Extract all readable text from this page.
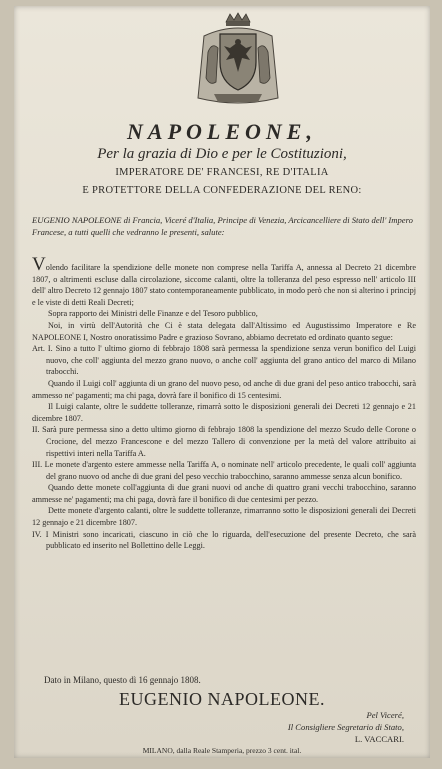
NAPOLEONE,
Per la grazia di Dio e per le Costituzioni,
IMPERATORE DE' FRANCESI, RE D'ITALIA
E PROTETTORE DELLA CONFEDERAZIONE DEL RENO:
EUGENIO NAPOLEONE di Francia, Viceré d'Italia, Principe di Venezia, Arcicancelliere di Stato dell' Impero Francese, a tutti quelli che vedranno le presenti, salute:

Volendo facilitare la spendizione delle monete non comprese nella Tariffa A, annessa al Decreto 21 dicembre 1807, o altrimenti escluse dalla circolazione, siccome calanti, oltre la tolleranza del peso espresso nell' articolo III dell' altro Decreto 12 gennajo 1807 stato contemporaneamente pubblicato, in modo però che non si alterino i principj e le viste di detti Reali Decreti;

Sopra rapporto dei Ministri delle Finanze e del Tesoro pubblico,

Noi, in virtù dell'Autorità che Ci è stata delegata dall'Altissimo ed Augustissimo Imperatore e Re NAPOLEONE I, Nostro onoratissimo Padre e grazioso Sovrano, abbiamo decretato ed ordinato quanto segue:

Art. I. Sino a tutto l' ultimo giorno di febbrajo 1808 sarà permessa la spendizione senza verun bonifico del Luigi nuovo, che coll' aggiunta del mezzo grano nuovo, o anche coll' aggiunta del grano antico del marco di Milano trabocchi.

Quando il Luigi coll' aggiunta di un grano del nuovo peso, od anche di due grani del peso antico trabocchi, sarà ammesso ne' pagamenti; ma chi paga, dovrà fare il bonifico di 15 centesimi.

Il Luigi calante, oltre le suddette tolleranze, rimarrà sotto le disposizioni generali dei Decreti 12 gennajo e 21 dicembre 1807.

II. Sarà pure permessa sino a detto ultimo giorno di febbrajo 1808 la spendizione del mezzo Scudo delle Corone o Crocione, del mezzo Francescone e del mezzo Tallero di convenzione per la metà del valore attribuito ai rispettivi interi nella Tariffa A.

III. Le monete d'argento estere ammesse nella Tariffa A, o nominate nell' articolo precedente, le quali coll' aggiunta del grano nuovo od anche di due grani del peso vecchio trabocchino, saranno ammesse senza alcun bonifico.

Quando dette monete coll'aggiunta di due grani nuovi od anche di quattro grani vecchi trabocchino, saranno ammesse ne' pagamenti; ma chi paga, dovrà fare il bonifico di due centesimi per pezzo.

Dette monete d'argento calanti, oltre le suddette tolleranze, rimarranno sotto le disposizioni generali dei Decreti 12 gennajo e 21 dicembre 1807.

IV. I Ministri sono incaricati, ciascuno in ciò che lo riguarda, dell'esecuzione del presente Decreto, che sarà pubblicato ed inserito nel Bollettino delle Leggi.

Dato in Milano, questo dì 16 gennajo 1808.
EUGENIO NAPOLEONE.
Pel Viceré,
Il Consigliere Segretario di Stato,
L. VACCARI.
MILANO, dalla Reale Stamperia, prezzo 3 cent. ital.
